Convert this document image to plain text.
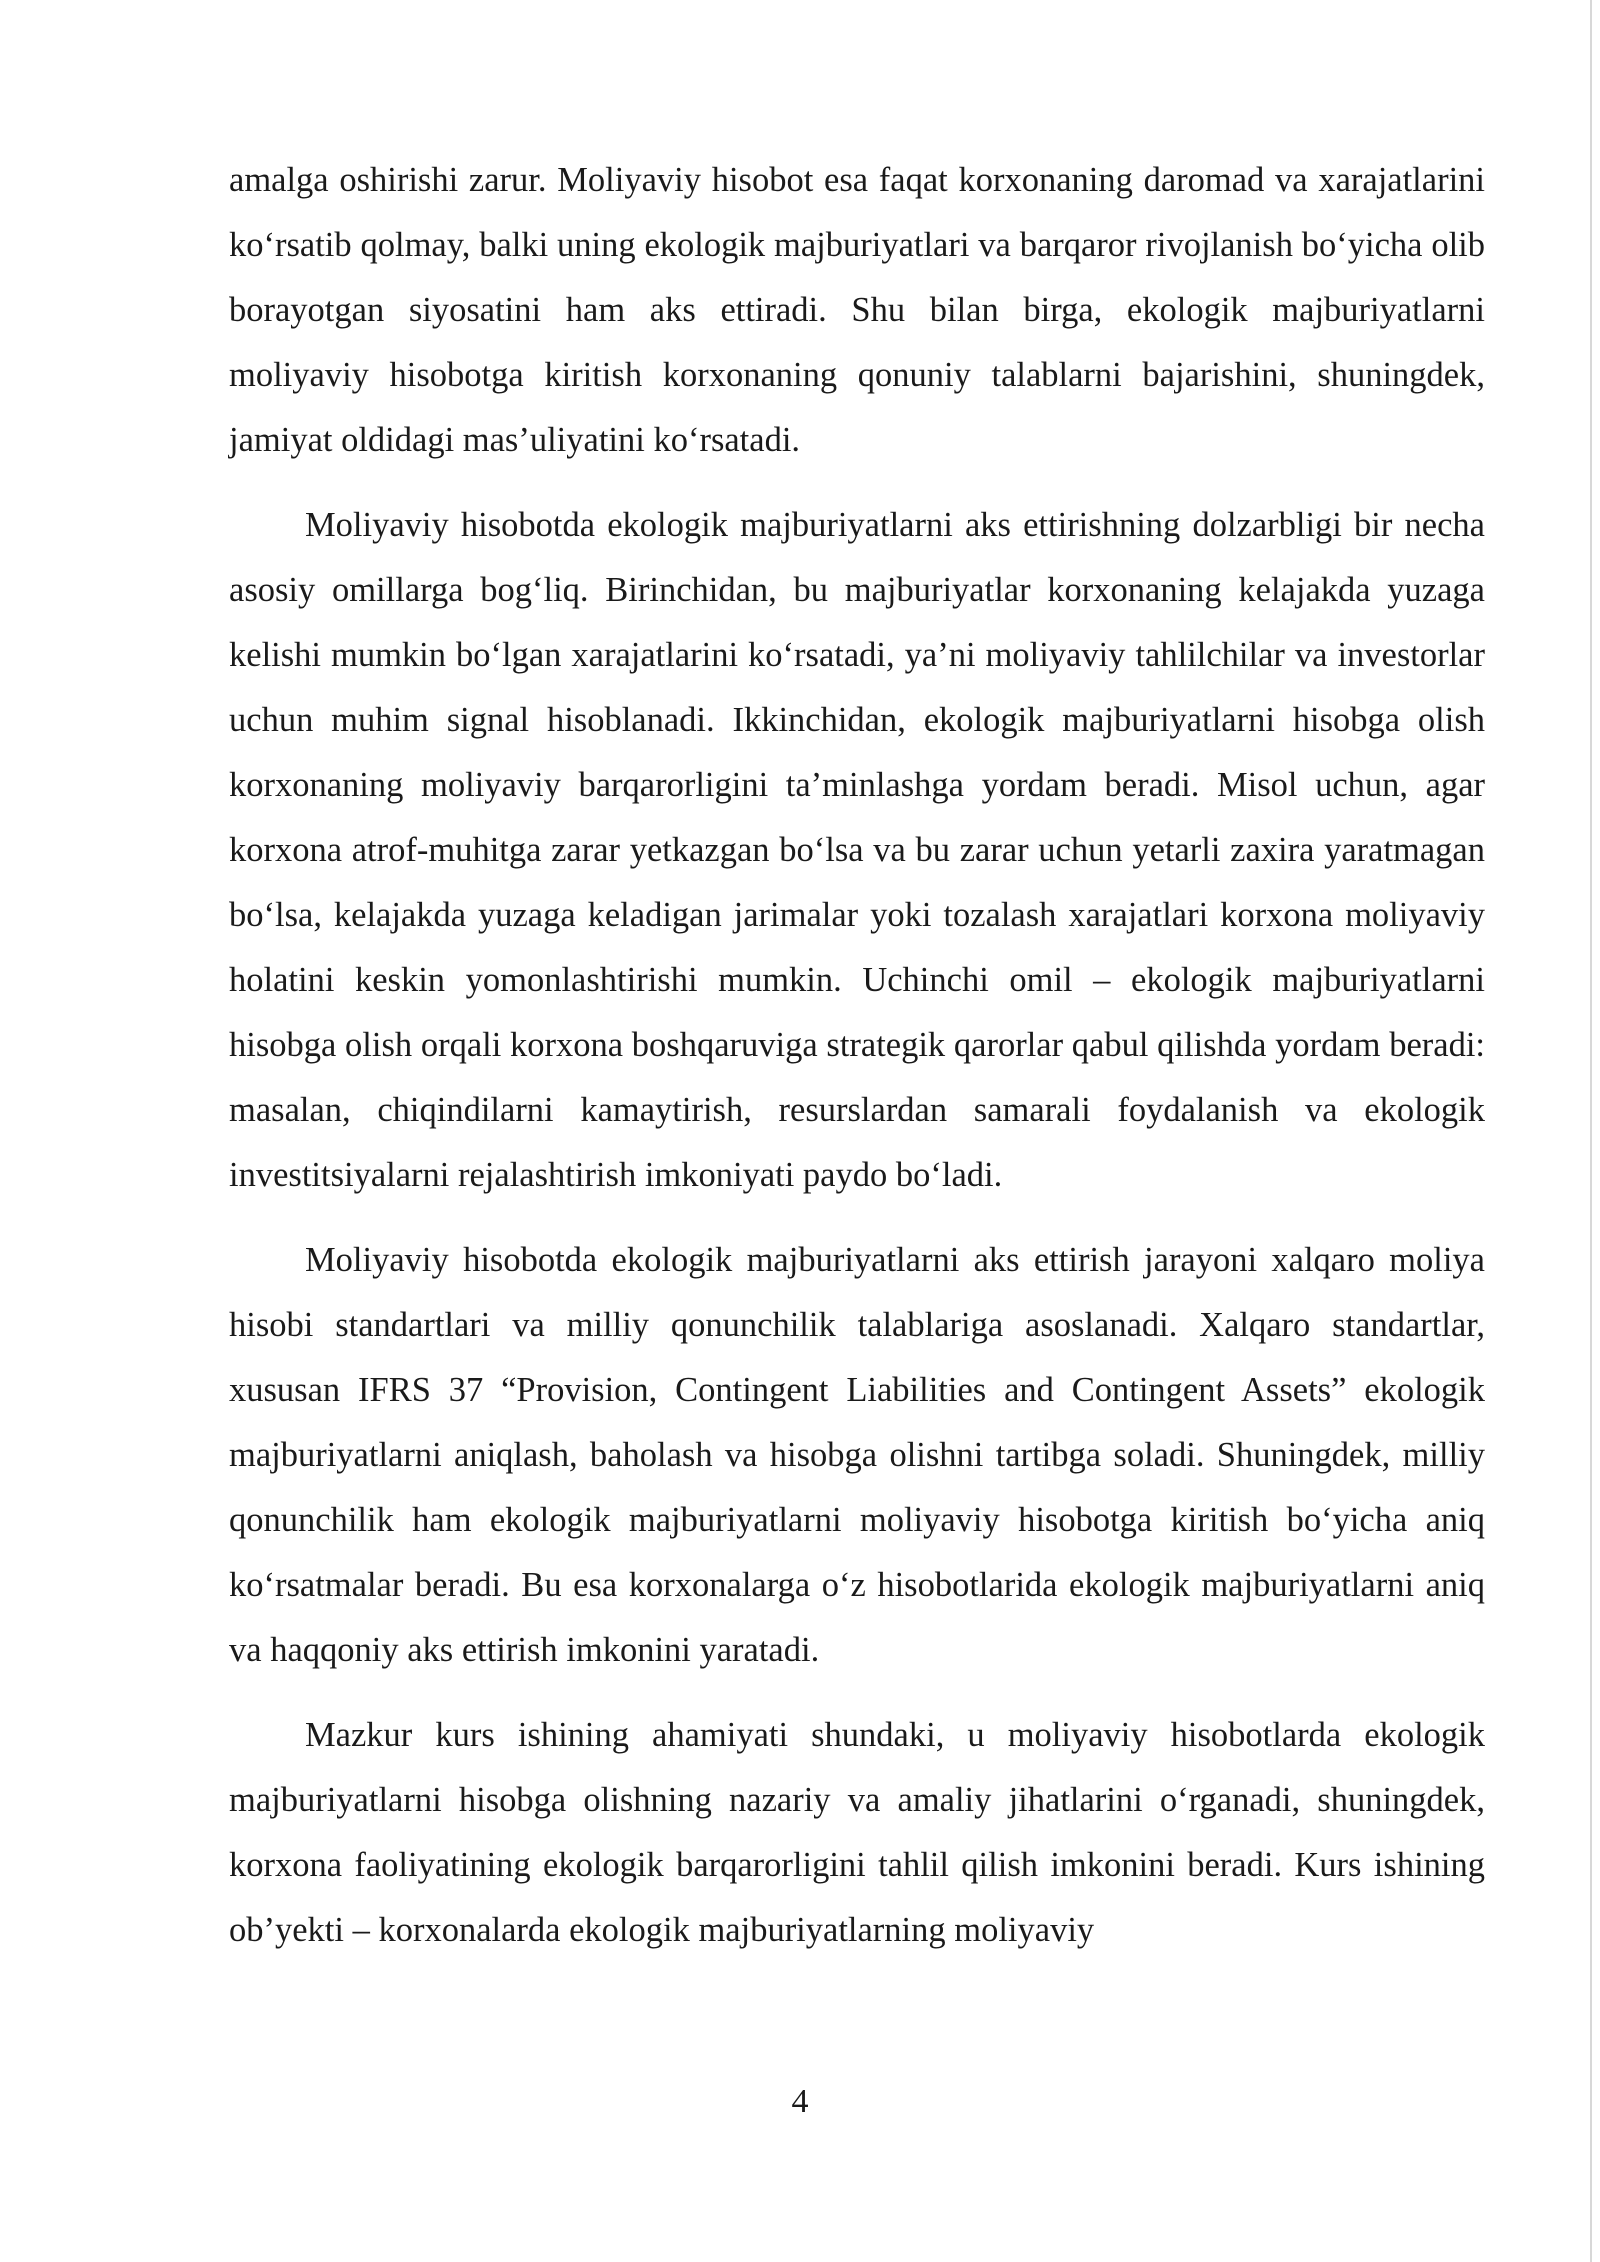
amalga oshirishi zarur. Moliyaviy hisobot esa faqat korxonaning daromad va xarajatlarini ko‘rsatib qolmay, balki uning ekologik majburiyatlari va barqaror rivojlanish bo‘yicha olib borayotgan siyosatini ham aks ettiradi. Shu bilan birga, ekologik majburiyatlarni moliyaviy hisobotga kiritish korxonaning qonuniy talablarni bajarishini, shuningdek, jamiyat oldidagi mas’uliyatini ko‘rsatadi.

Moliyaviy hisobotda ekologik majburiyatlarni aks ettirishning dolzarbligi bir necha asosiy omillarga bog‘liq. Birinchidan, bu majburiyatlar korxonaning kelajakda yuzaga kelishi mumkin bo‘lgan xarajatlarini ko‘rsatadi, ya’ni moliyaviy tahlilchilar va investorlar uchun muhim signal hisoblanadi. Ikkinchidan, ekologik majburiyatlarni hisobga olish korxonaning moliyaviy barqarorligini ta’minlashga yordam beradi. Misol uchun, agar korxona atrof-muhitga zarar yetkazgan bo‘lsa va bu zarar uchun yetarli zaxira yaratmagan bo‘lsa, kelajakda yuzaga keladigan jarimalar yoki tozalash xarajatlari korxona moliyaviy holatini keskin yomonlashtirishi mumkin. Uchinchi omil – ekologik majburiyatlarni hisobga olish orqali korxona boshqaruviga strategik qarorlar qabul qilishda yordam beradi: masalan, chiqindilarni kamaytirish, resurslardan samarali foydalanish va ekologik investitsiyalarni rejalashtirish imkoniyati paydo bo‘ladi.

Moliyaviy hisobotda ekologik majburiyatlarni aks ettirish jarayoni xalqaro moliya hisobi standartlari va milliy qonunchilik talablariga asoslanadi. Xalqaro standartlar, xususan IFRS 37 “Provision, Contingent Liabilities and Contingent Assets” ekologik majburiyatlarni aniqlash, baholash va hisobga olishni tartibga soladi. Shuningdek, milliy qonunchilik ham ekologik majburiyatlarni moliyaviy hisobotga kiritish bo‘yicha aniq ko‘rsatmalar beradi. Bu esa korxonalarga o‘z hisobotlarida ekologik majburiyatlarni aniq va haqqoniy aks ettirish imkonini yaratadi.

Mazkur kurs ishining ahamiyati shundaki, u moliyaviy hisobotlarda ekologik majburiyatlarni hisobga olishning nazariy va amaliy jihatlarini o‘rganadi, shuningdek, korxona faoliyatining ekologik barqarorligini tahlil qilish imkonini beradi. Kurs ishining ob’yekti – korxonalarda ekologik majburiyatlarning moliyaviy

4
